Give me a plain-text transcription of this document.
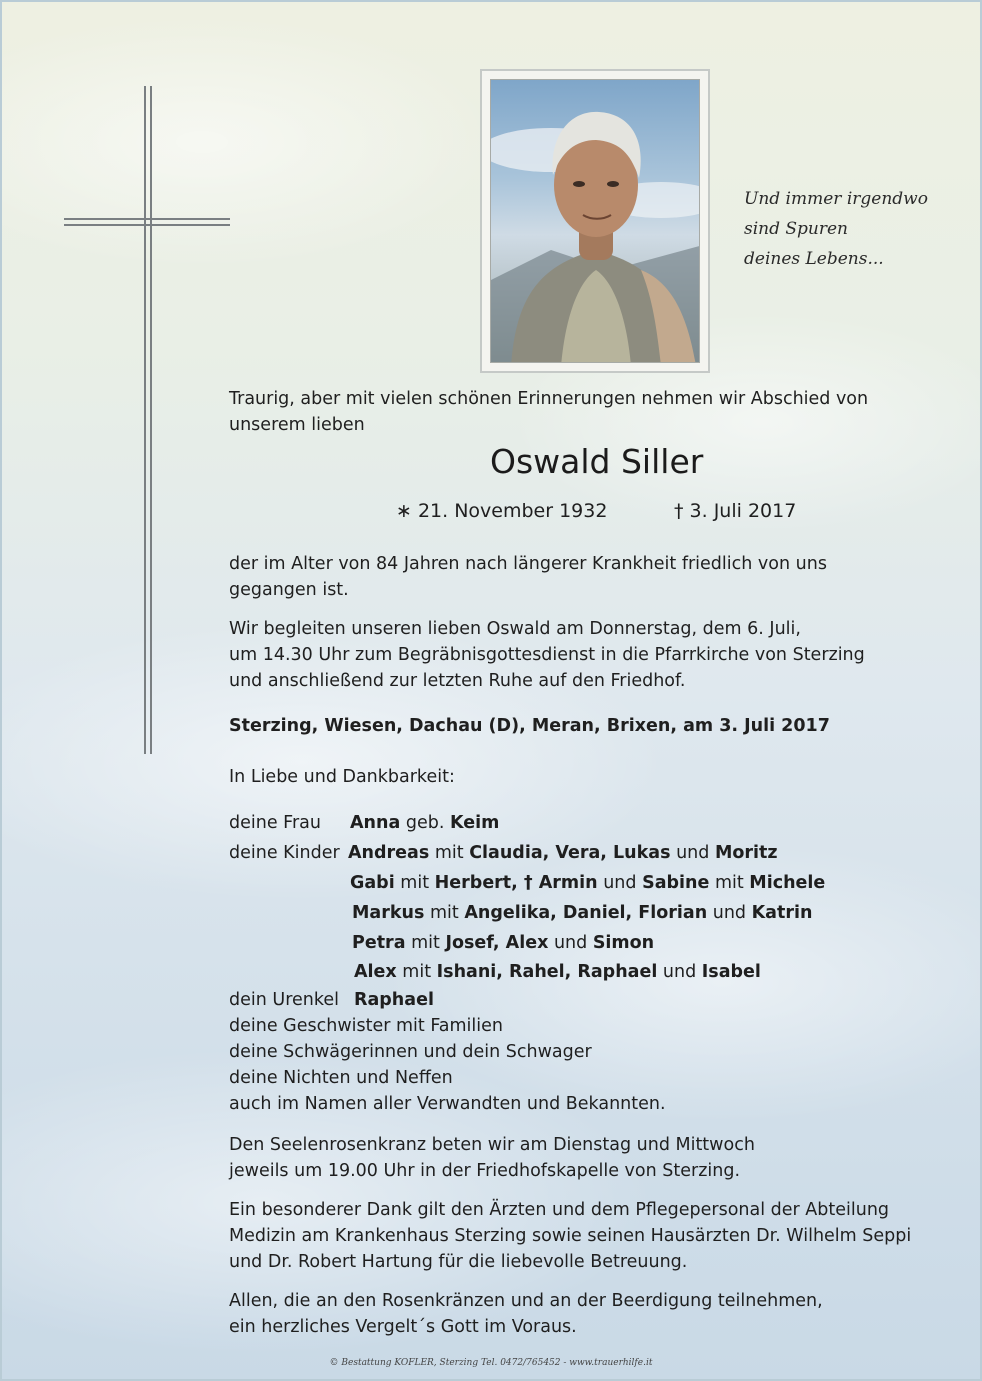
Und immer irgendwo
sind Spuren
deines Lebens...
Traurig, aber mit vielen schönen Erinnerungen nehmen wir Abschied von
unserem lieben
Oswald Siller
∗ 21. November 1932	† 3. Juli 2017
der im Alter von 84 Jahren nach längerer Krankheit friedlich von uns
gegangen ist.
Wir begleiten unseren lieben Oswald am Donnerstag, dem 6. Juli,
um 14.30 Uhr zum Begräbnisgottesdienst in die Pfarrkirche von Sterzing
und anschließend zur letzten Ruhe auf den Friedhof.
Sterzing, Wiesen, Dachau (D), Meran, Brixen, am 3. Juli 2017
In Liebe und Dankbarkeit:
deine Frau Anna geb. Keim
deine Kinder Andreas mit Claudia, Vera, Lukas und Moritz
Gabi mit Herbert, † Armin und Sabine mit Michele
Markus mit Angelika, Daniel, Florian und Katrin
Petra mit Josef, Alex und Simon
Alex mit Ishani, Rahel, Raphael und Isabel
dein Urenkel Raphael
deine Geschwister mit Familien
deine Schwägerinnen und dein Schwager
deine Nichten und Neffen
auch im Namen aller Verwandten und Bekannten.
Den Seelenrosenkranz beten wir am Dienstag und Mittwoch
jeweils um 19.00 Uhr in der Friedhofskapelle von Sterzing.
Ein besonderer Dank gilt den Ärzten und dem Pflegepersonal der Abteilung
Medizin am Krankenhaus Sterzing sowie seinen Hausärzten Dr. Wilhelm Seppi
und Dr. Robert Hartung für die liebevolle Betreuung.
Allen, die an den Rosenkränzen und an der Beerdigung teilnehmen,
ein herzliches Vergelt´s Gott im Voraus.
© Bestattung KOFLER, Sterzing Tel. 0472/765452 - www.trauerhilfe.it
